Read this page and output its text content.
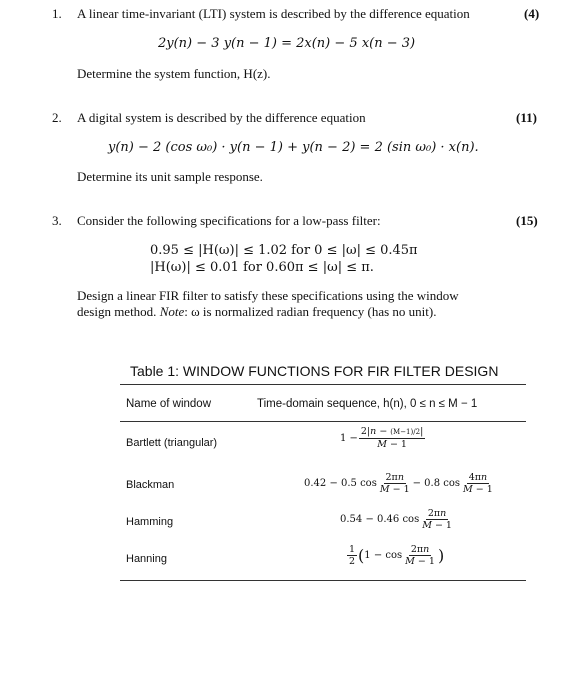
1. A linear time-invariant (LTI) system is described by the difference equation	(4)
2y(n) − 3 y(n − 1) = 2x(n) − 5 x(n − 3)
Determine the system function, H(z).
2. A digital system is described by the difference equation	(11)
y(n) − 2 (cos ω₀) · y(n − 1) + y(n − 2) = 2 (sin ω₀) · x(n).
Determine its unit sample response.
3. Consider the following specifications for a low-pass filter:	(15)
0.95 ≤ |H(ω)| ≤ 1.02 for 0 ≤ |ω| ≤ 0.45π
|H(ω)| ≤ 0.01 for 0.60π ≤ |ω| ≤ π.
Design a linear FIR filter to satisfy these specifications using the window
design method. Note: ω is normalized radian frequency (has no unit).
Table 1: WINDOW FUNCTIONS FOR FIR FILTER DESIGN
Name of window	Time-domain sequence, h(n), 0 ≤ n ≤ M − 1
Bartlett (triangular)	$1 - \frac{2|n - (M-1)/2|}{M - 1}$
Blackman	0.42 − 0.5 $\cos \frac{2\pi n}{M - 1} - 0.8$ $\cos \frac{4\pi n}{M - 1}$
Hamming	0.54 − 0.46 $\cos \frac{2\pi n}{M - 1}$
Hanning	$\frac{1}{2}$ ( $1 - \cos \frac{2\pi n}{M - 1}$ )
